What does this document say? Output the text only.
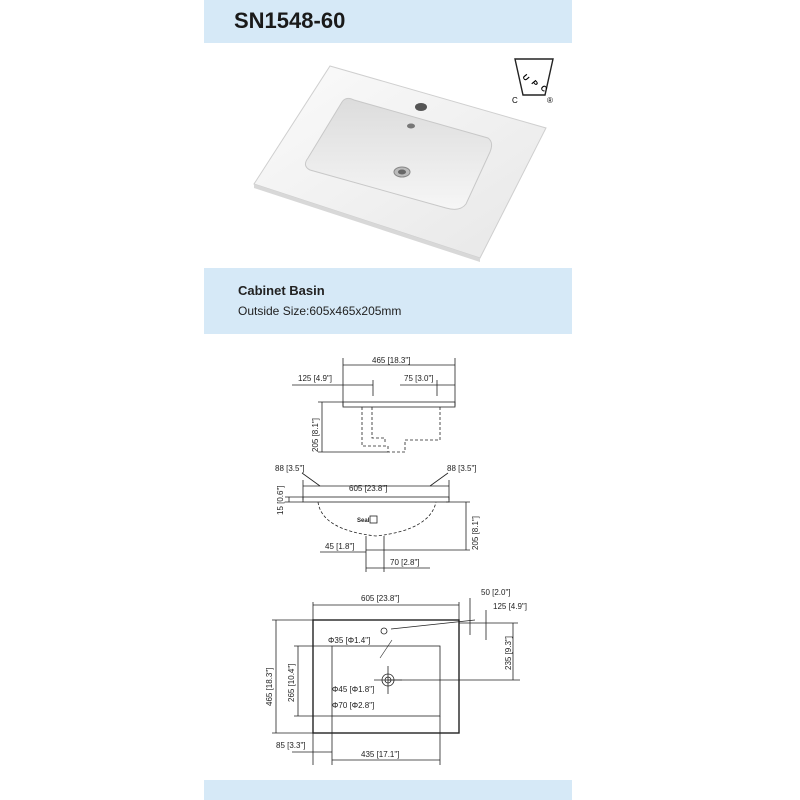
SN1548-60
U
P
C
C	®
Cabinet Basin
Outside Size:605x465x205mm
465 [18.3"]
125 [4.9"]	75 [3.0"]
205 [8.1"]
88 [3.5"]	88 [3.5"]
605 [23.8"]
Seal
15 [0.6"]
205 [8.1"]
45 [1.8"]
70 [2.8"]
605 [23.8"]
50 [2.0"]
125 [4.9"]
Φ35 [Φ1.4"]	235 [9.3"]
Φ45 [Φ1.8"]
Φ70 [Φ2.8"]
465 [18.3"] 265 [10.4"]
85 [3.3"]
435 [17.1"]
